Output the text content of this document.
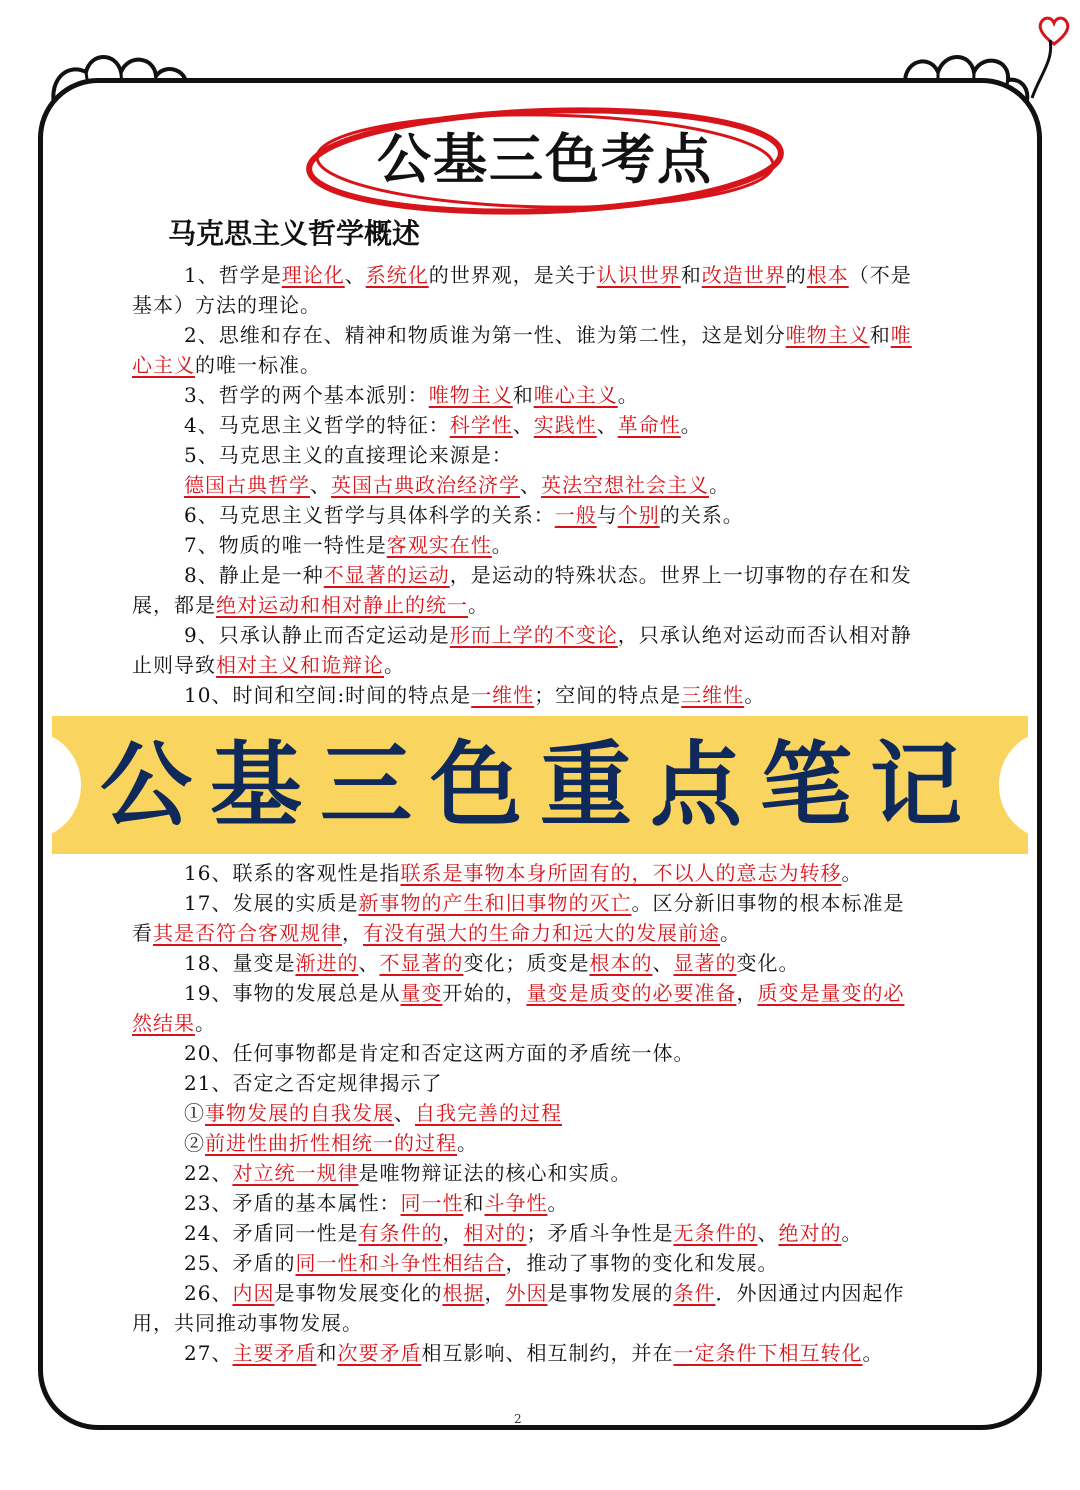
公基三色考点
马克思主义哲学概述

1、哲学是理论化、系统化的世界观，是关于认识世界和改造世界的根本（不是基本）方法的理论。

2、思维和存在、精神和物质谁为第一性、谁为第二性，这是划分唯物主义和唯心主义的唯一标准。

3、哲学的两个基本派别：唯物主义和唯心主义。

4、马克思主义哲学的特征：科学性、实践性、革命性。

5、马克思主义的直接理论来源是：

德国古典哲学、英国古典政治经济学、英法空想社会主义。

6、马克思主义哲学与具体科学的关系：一般与个别的关系。

7、物质的唯一特性是客观实在性。

8、静止是一种不显著的运动，是运动的特殊状态。世界上一切事物的存在和发展，都是绝对运动和相对静止的统一。

9、只承认静止而否定运动是形而上学的不变论，只承认绝对运动而否认相对静止则导致相对主义和诡辩论。

10、时间和空间:时间的特点是一维性；空间的特点是三维性。

公基三色重点笔记

16、联系的客观性是指联系是事物本身所固有的，不以人的意志为转移。

17、发展的实质是新事物的产生和旧事物的灭亡。区分新旧事物的根本标准是看其是否符合客观规律，有没有强大的生命力和远大的发展前途。

18、量变是渐进的、不显著的变化；质变是根本的、显著的变化。

19、事物的发展总是从量变开始的，量变是质变的必要准备，质变是量变的必然结果。

20、任何事物都是肯定和否定这两方面的矛盾统一体。

21、否定之否定规律揭示了

①事物发展的自我发展、自我完善的过程

②前进性曲折性相统一的过程。

22、对立统一规律是唯物辩证法的核心和实质。

23、矛盾的基本属性：同一性和斗争性。

24、矛盾同一性是有条件的，相对的；矛盾斗争性是无条件的、绝对的。

25、矛盾的同一性和斗争性相结合，推动了事物的变化和发展。

26、内因是事物发展变化的根据，外因是事物发展的条件．外因通过内因起作用，共同推动事物发展。

27、主要矛盾和次要矛盾相互影响、相互制约，并在一定条件下相互转化。

2
